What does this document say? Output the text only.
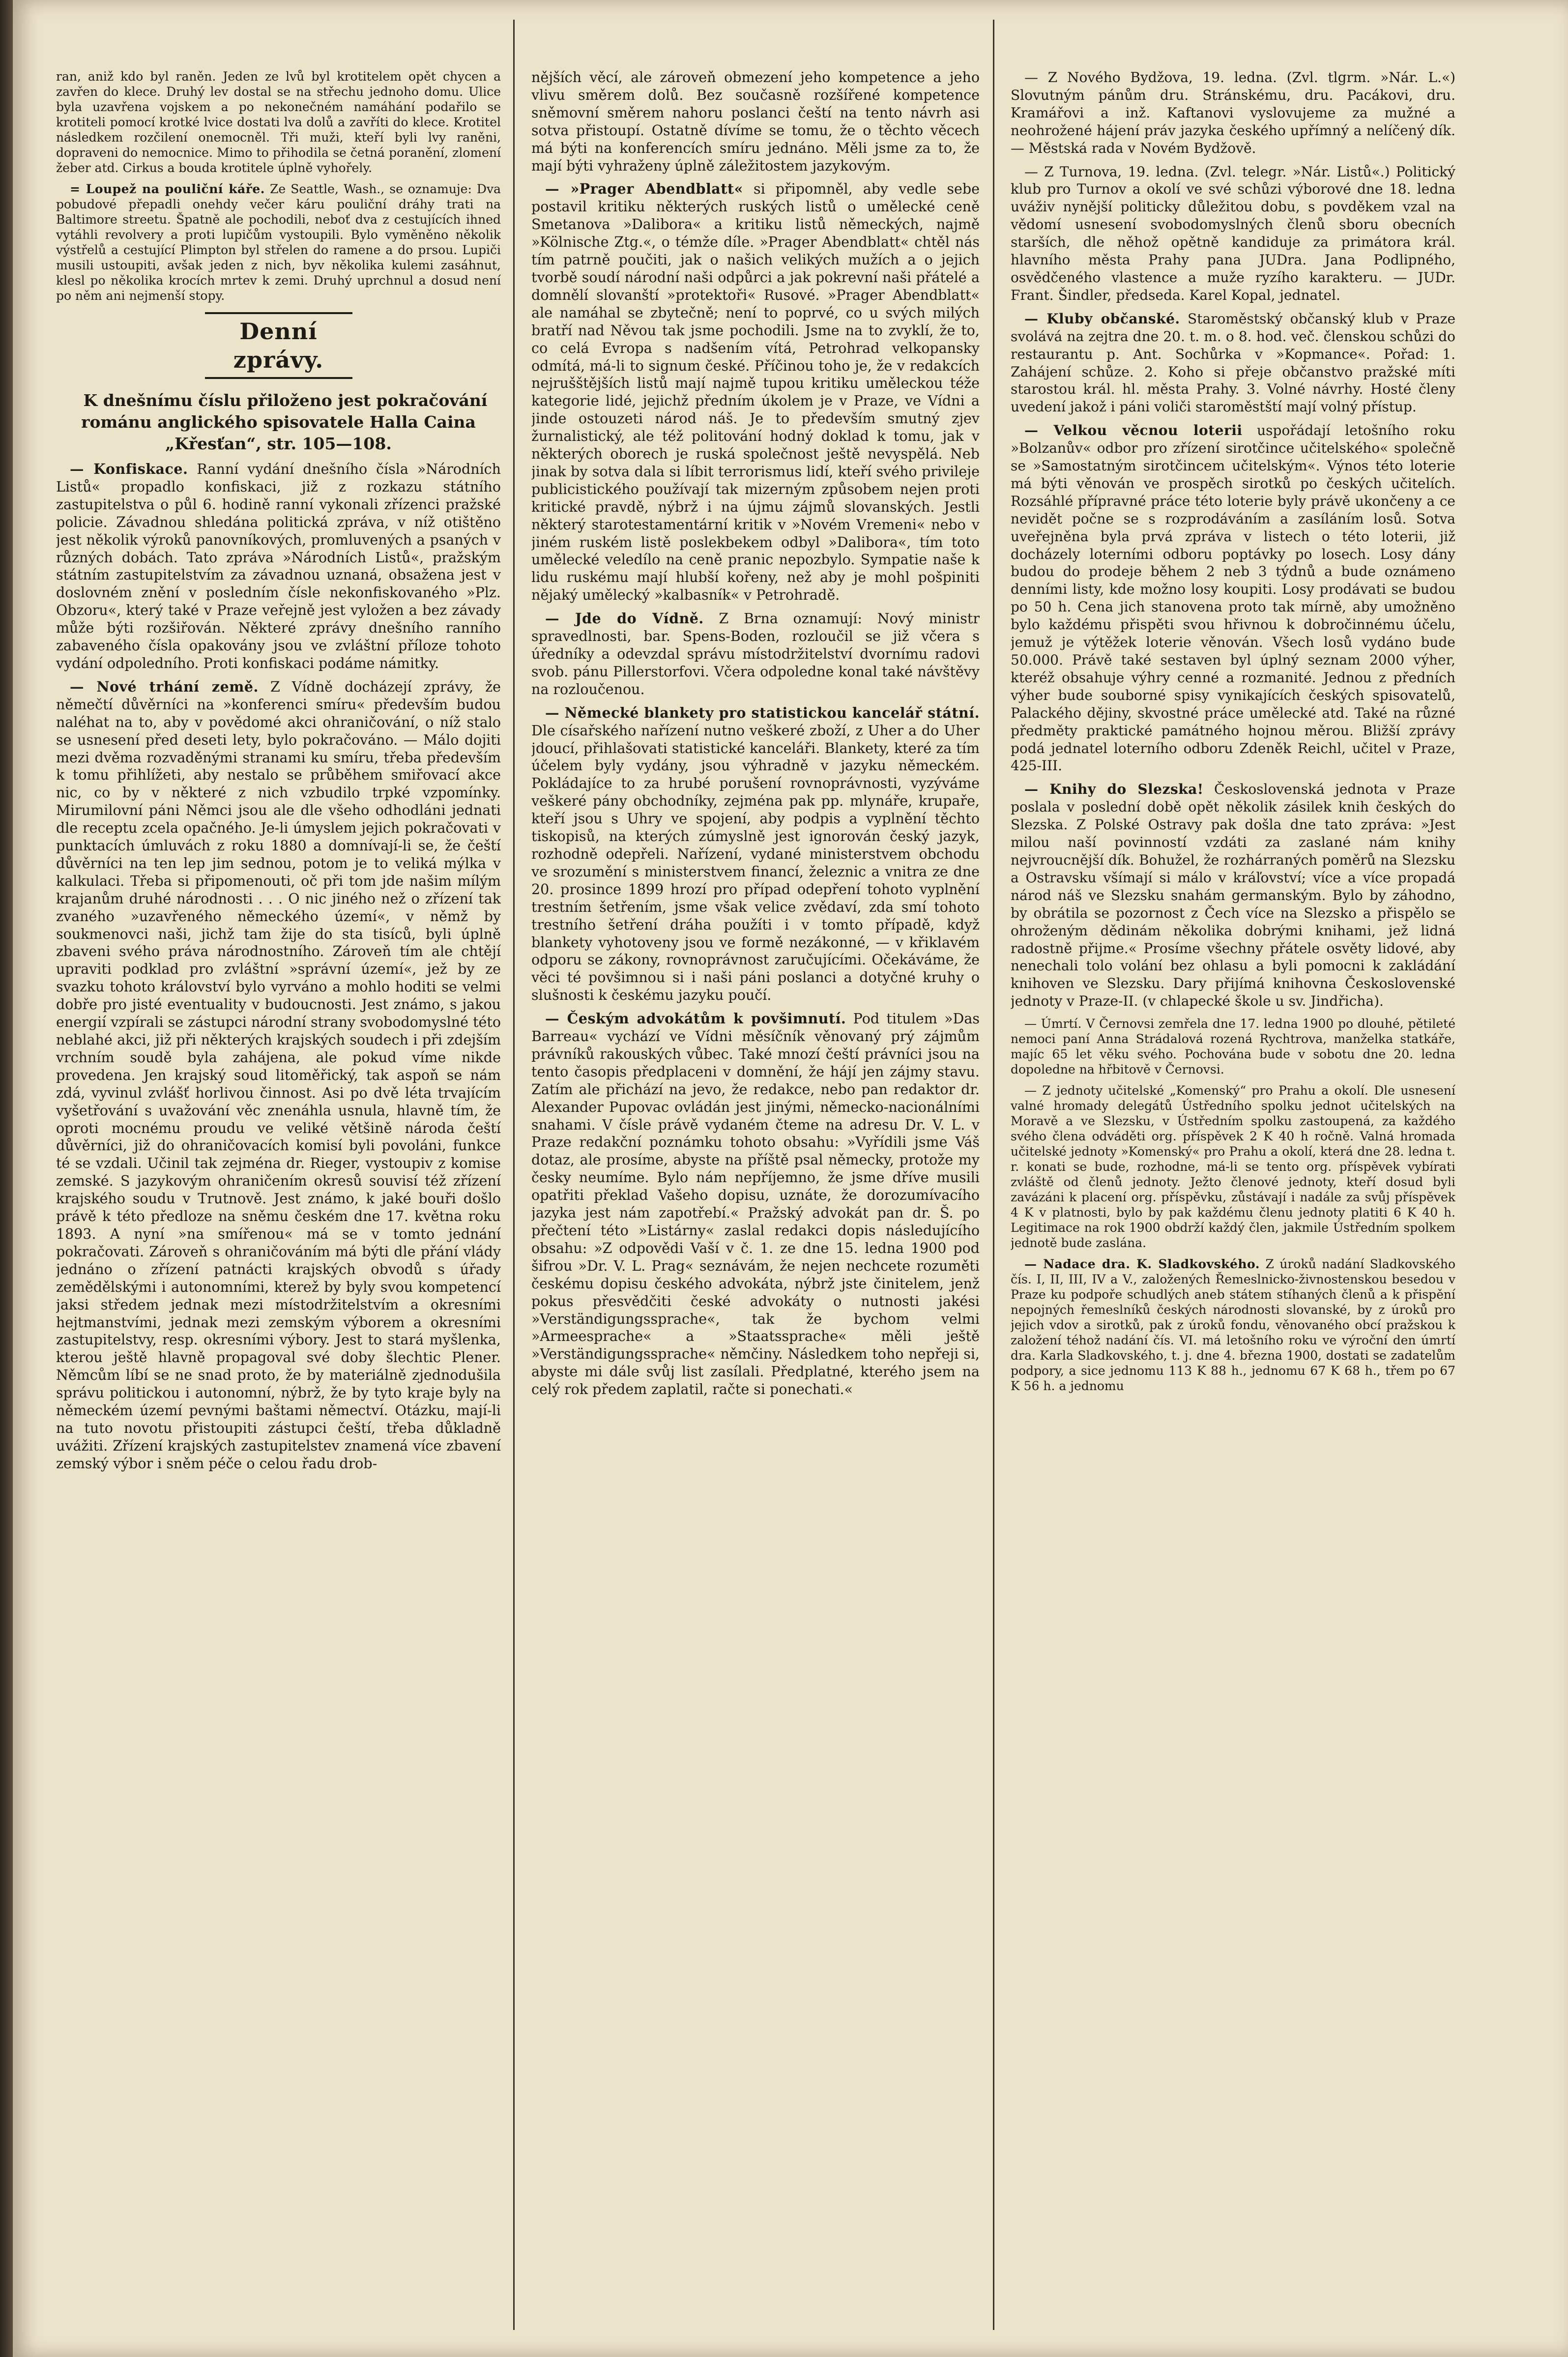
ran, aniž kdo byl raněn. Jeden ze lvů byl krotitelem opět chycen a zavřen do klece. Druhý lev dostal se na střechu jednoho domu. Ulice byla uzavřena vojskem a po nekonečném namáhání podařilo se krotiteli pomocí krotké lvice dostati lva dolů a zavříti do klece. Krotitel následkem rozčilení onemocněl. Tři muži, kteří byli lvy raněni, dopraveni do nemocnice. Mimo to přihodila se četná poranění, zlomení žeber atd. Cirkus a bouda krotitele úplně vyhořely.

= Loupež na pouliční káře. Ze Seattle, Wash., se oznamuje: Dva pobudové přepadli onehdy večer káru pouliční dráhy trati na Baltimore streetu. Špatně ale pochodili, neboť dva z cestujících ihned vytáhli revolvery a proti lupičům vystoupili. Bylo vyměněno několik výstřelů a cestující Plimpton byl střelen do ramene a do prsou. Lupiči musili ustoupiti, avšak jeden z nich, byv několika kulemi zasáhnut, klesl po několika krocích mrtev k zemi. Druhý uprchnul a dosud není po něm ani nejmenší stopy.

Denní zprávy.

K dnešnímu číslu přiloženo jest pokračování románu anglického spisovatele Halla Caina „Křesťan“, str. 105—108.

— Konfiskace. Ranní vydání dnešního čísla »Národních Listů« propadlo konfiskaci, již z rozkazu státního zastupitelstva o půl 6. hodině ranní vykonali zřízenci pražské policie. Závadnou shledána politická zpráva, v níž otištěno jest několik výroků panovníkových, promluvených a psaných v různých dobách. Tato zpráva »Národních Listů«, pražským státním zastupitelstvím za závadnou uznaná, obsažena jest v doslovném znění v posledním čísle nekonfiskovaného »Plz. Obzoru«, který také v Praze veřejně jest vyložen a bez závady může býti rozšiřován. Některé zprávy dnešního ranního zabaveného čísla opakovány jsou ve zvláštní příloze tohoto vydání odpoledního. Proti konfiskaci podáme námitky.

— Nové trhání země. Z Vídně docházejí zprávy, že němečtí důvěrníci na »konferenci smíru« především budou naléhat na to, aby v povědomé akci ohraničování, o níž stalo se usnesení před deseti lety, bylo pokračováno. — Málo dojiti mezi dvěma rozvaděnými stranami ku smíru, třeba především k tomu přihlížeti, aby nestalo se průběhem smiřovací akce nic, co by v některé z nich vzbudilo trpké vzpomínky. Mirumilovní páni Němci jsou ale dle všeho odhodláni jednati dle receptu zcela opačného. Je-li úmyslem jejich pokračovati v punktacích úmluvách z roku 1880 a domnívají-li se, že čeští důvěrníci na ten lep jim sednou, potom je to veliká mýlka v kalkulaci. Třeba si připomenouti, oč při tom jde našim mílým krajanům druhé národnosti . . . O nic jiného než o zřízení tak zvaného »uzavřeného německého území«, v němž by soukmenovci naši, jichž tam žije do sta tisíců, byli úplně zbaveni svého práva národnostního. Zároveň tím ale chtějí upraviti podklad pro zvláštní »správní území«, jež by ze svazku tohoto království bylo vyrváno a mohlo hoditi se velmi dobře pro jisté eventuality v budoucnosti. Jest známo, s jakou energií vzpírali se zástupci národní strany svobodomyslné této neblahé akci, již při některých krajských soudech i při zdejším vrchním soudě byla zahájena, ale pokud víme nikde provedena. Jen krajský soud litoměřický, tak aspoň se nám zdá, vyvinul zvlášť horlivou činnost. Asi po dvě léta trvajícím vyšetřování s uvažování věc znenáhla usnula, hlavně tím, že oproti mocnému proudu ve veliké většině národa čeští důvěrníci, již do ohraničovacích komisí byli povoláni, funkce té se vzdali. Učinil tak zejména dr. Rieger, vystoupiv z komise zemské. S jazykovým ohraničením okresů souvisí též zřízení krajského soudu v Trutnově. Jest známo, k jaké bouři došlo právě k této předloze na sněmu českém dne 17. května roku 1893. A nyní »na smířenou« má se v tomto jednání pokračovati. Zároveň s ohraničováním má býti dle přání vlády jednáno o zřízení patnácti krajských obvodů s úřady zemědělskými i autonomními, kterež by byly svou kompetencí jaksi středem jednak mezi místodržitelstvím a okresními hejtmanstvími, jednak mezi zemským výborem a okresními zastupitelstvy, resp. okresními výbory. Jest to stará myšlenka, kterou ještě hlavně propagoval své doby šlechtic Plener. Němcům líbí se ne snad proto, že by materiálně zjednodušila správu politickou i autonomní, nýbrž, že by tyto kraje byly na německém území pevnými baštami němectví. Otázku, mají-li na tuto novotu přistoupiti zástupci čeští, třeba důkladně uvážiti. Zřízení krajských zastupitelstev znamená více zbavení zemský výbor i sněm péče o celou řadu drob-

nějších věcí, ale zároveň obmezení jeho kompetence a jeho vlivu směrem dolů. Bez současně rozšířené kompetence sněmovní směrem nahoru poslanci čeští na tento návrh asi sotva přistoupí. Ostatně dívíme se tomu, že o těchto věcech má býti na konferencích smíru jednáno. Měli jsme za to, že mají býti vyhraženy úplně záležitostem jazykovým.

— »Prager Abendblatt« si připomněl, aby vedle sebe postavil kritiku některých ruských listů o umělecké ceně Smetanova »Dalibora« a kritiku listů německých, najmě »Kölnische Ztg.«, o témže díle. »Prager Abendblatt« chtěl nás tím patrně poučiti, jak o našich velikých mužích a o jejich tvorbě soudí národní naši odpůrci a jak pokrevní naši přátelé a domnělí slovanští »protektoři« Rusové. »Prager Abendblatt« ale namáhal se zbytečně; není to poprvé, co u svých milých bratří nad Něvou tak jsme pochodili. Jsme na to zvyklí, že to, co celá Evropa s nadšením vítá, Petrohrad velkopansky odmítá, má-li to signum české. Příčinou toho je, že v redakcích nejrušštějších listů mají najmě tupou kritiku uměleckou téže kategorie lidé, jejichž předním úkolem je v Praze, ve Vídni a jinde ostouzeti národ náš. Je to především smutný zjev žurnalistický, ale též politování hodný doklad k tomu, jak v některých oborech je ruská společnost ještě nevyspělá. Neb jinak by sotva dala si líbit terrorismus lidí, kteří svého privileje publicistického používají tak mizerným způsobem nejen proti kritické pravdě, nýbrž i na újmu zájmů slovanských. Jestli některý starotestamentární kritik v »Novém Vremeni« nebo v jiném ruském listě poslekbekem odbyl »Dalibora«, tím toto umělecké veledílo na ceně pranic nepozbylo. Sympatie naše k lidu ruskému mají hlubší kořeny, než aby je mohl pošpiniti nějaký umělecký »kalbasník« v Petrohradě.

— Jde do Vídně. Z Brna oznamují: Nový ministr spravedlnosti, bar. Spens-Boden, rozloučil se již včera s úředníky a odevzdal správu místodržitelství dvornímu radovi svob. pánu Pillerstorfovi. Včera odpoledne konal také návštěvy na rozloučenou.

— Německé blankety pro statistickou kancelář státní. Dle císařského nařízení nutno veškeré zboží, z Uher a do Uher jdoucí, přihlašovati statistické kanceláři. Blankety, které za tím účelem byly vydány, jsou výhradně v jazyku německém. Pokládajíce to za hrubé porušení rovnoprávnosti, vyzýváme veškeré pány obchodníky, zejména pak pp. mlynáře, krupaře, kteří jsou s Uhry ve spojení, aby podpis a vyplnění těchto tiskopisů, na kterých zúmyslně jest ignorován český jazyk, rozhodně odepřeli. Nařízení, vydané ministerstvem obchodu ve srozumění s ministerstvem financí, železnic a vnitra ze dne 20. prosince 1899 hrozí pro případ odepření tohoto vyplnění trestním šetřením, jsme však velice zvědaví, zda smí tohoto trestního šetření dráha použíti i v tomto případě, když blankety vyhotoveny jsou ve formě nezákonné, — v křiklavém odporu se zákony, rovnoprávnost zaručujícími. Očekáváme, že věci té povšimnou si i naši páni poslanci a dotyčné kruhy o slušnosti k českému jazyku poučí.

— Českým advokátům k povšimnutí. Pod titulem »Das Barreau« vychází ve Vídni měsíčník věnovaný prý zájmům právníků rakouských vůbec. Také mnozí čeští právníci jsou na tento časopis předplaceni v domnění, že hájí jen zájmy stavu. Zatím ale přichází na jevo, že redakce, nebo pan redaktor dr. Alexander Pupovac ovládán jest jinými, německo-nacionálními snahami. V čísle právě vydaném čteme na adresu Dr. V. L. v Praze redakční poznámku tohoto obsahu: »Vyřídili jsme Váš dotaz, ale prosíme, abyste na příště psal německy, protože my česky neumíme. Bylo nám nepříjemno, že jsme dříve musili opatřiti překlad Vašeho dopisu, uznáte, že dorozumívacího jazyka jest nám zapotřebí.« Pražský advokát pan dr. Š. po přečtení této »Listárny« zaslal redakci dopis následujícího obsahu: »Z odpovědi Vaší v č. 1. ze dne 15. ledna 1900 pod šifrou »Dr. V. L. Prag« seznávám, že nejen nechcete rozuměti českému dopisu českého advokáta, nýbrž jste činitelem, jenž pokus přesvědčiti české advokáty o nutnosti jakési »Verständigungssprache«, tak že bychom velmi »Armeesprache« a »Staatssprache« měli ještě »Verständigungssprache« němčiny. Následkem toho nepřeji si, abyste mi dále svůj list zasílali. Předplatné, kterého jsem na celý rok předem zaplatil, račte si ponechati.«

— Z Nového Bydžova, 19. ledna. (Zvl. tlgrm. »Nár. L.«) Slovutným pánům dru. Stránskému, dru. Pacákovi, dru. Kramářovi a inž. Kaftanovi vyslovujeme za mužné a neohrožené hájení práv jazyka českého upřímný a nelíčený dík. — Městská rada v Novém Bydžově.

— Z Turnova, 19. ledna. (Zvl. telegr. »Nár. Listů«.) Politický klub pro Turnov a okolí ve své schůzi výborové dne 18. ledna uváživ nynější politicky důležitou dobu, s povděkem vzal na vědomí usnesení svobodomyslných členů sboru obecních starších, dle něhož opětně kandiduje za primátora král. hlavního města Prahy pana JUDra. Jana Podlipného, osvědčeného vlastence a muže ryzího karakteru. — JUDr. Frant. Šindler, předseda. Karel Kopal, jednatel.

— Kluby občanské. Staroměstský občanský klub v Praze svolává na zejtra dne 20. t. m. o 8. hod. več. členskou schůzi do restaurantu p. Ant. Sochůrka v »Kopmance«. Pořad: 1. Zahájení schůze. 2. Koho si přeje občanstvo pražské míti starostou král. hl. města Prahy. 3. Volné návrhy. Hosté členy uvedení jakož i páni voliči staroměstští mají volný přístup.

— Velkou věcnou loterii uspořádají letošního roku »Bolzanův« odbor pro zřízení sirotčince učitelského« společně se »Samostatným sirotčincem učitelským«. Výnos této loterie má býti věnován ve prospěch sirotků po českých učitelích. Rozsáhlé přípravné práce této loterie byly právě ukončeny a ce nevidět počne se s rozprodáváním a zasíláním losů. Sotva uveřejněna byla prvá zpráva v listech o této loterii, již docházely loterními odboru poptávky po losech. Losy dány budou do prodeje během 2 neb 3 týdnů a bude oznámeno denními listy, kde možno losy koupiti. Losy prodávati se budou po 50 h. Cena jich stanovena proto tak mírně, aby umožněno bylo každému přispěti svou hřivnou k dobročinnému účelu, jemuž je výtěžek loterie věnován. Všech losů vydáno bude 50.000. Právě také sestaven byl úplný seznam 2000 výher, kteréž obsahuje výhry cenné a rozmanité. Jednou z předních výher bude souborné spisy vynikajících českých spisovatelů, Palackého dějiny, skvostné práce umělecké atd. Také na různé předměty praktické památného hojnou měrou. Bližší zprávy podá jednatel loterního odboru Zdeněk Reichl, učitel v Praze, 425-III.

— Knihy do Slezska! Československá jednota v Praze poslala v poslední době opět několik zásilek knih českých do Slezska. Z Polské Ostravy pak došla dne tato zpráva: »Jest milou naší povinností vzdáti za zaslané nám knihy nejvroucnější dík. Bohužel, že rozhárraných poměrů na Slezsku a Ostravsku všímají si málo v kráľovství; více a více propadá národ náš ve Slezsku snahám germanským. Bylo by záhodno, by obrátila se pozornost z Čech více na Slezsko a přispělo se ohroženým dědinám několika dobrými knihami, jež lidná radostně přijme.« Prosíme všechny přátele osvěty lidové, aby nenechali tolo volání bez ohlasu a byli pomocni k zakládání knihoven ve Slezsku. Dary přijímá knihovna Československé jednoty v Praze-II. (v chlapecké škole u sv. Jindřicha).

— Úmrtí. V Černovsi zemřela dne 17. ledna 1900 po dlouhé, pětileté nemoci paní Anna Strádalová rozená Rychtrova, manželka statkáře, majíc 65 let věku svého. Pochována bude v sobotu dne 20. ledna dopoledne na hřbitově v Černovsi.

— Z jednoty učitelské „Komenský“ pro Prahu a okolí. Dle usnesení valné hromady delegátů Ústředního spolku jednot učitelských na Moravě a ve Slezsku, v Ústředním spolku zastoupená, za každého svého člena odváděti org. příspěvek 2 K 40 h ročně. Valná hromada učitelské jednoty »Komenský« pro Prahu a okolí, která dne 28. ledna t. r. konati se bude, rozhodne, má-li se tento org. příspěvek vybírati zvláště od členů jednoty. Ježto členové jednoty, kteří dosud byli zavázáni k placení org. příspěvku, zůstávají i nadále za svůj příspěvek 4 K v platnosti, bylo by pak každému členu jednoty platiti 6 K 40 h. Legitimace na rok 1900 obdrží každý člen, jakmile Ústředním spolkem jednotě bude zaslána.

— Nadace dra. K. Sladkovského. Z úroků nadání Sladkovského čís. I, II, III, IV a V., založených Řemeslnicko-živnostenskou besedou v Praze ku podpoře schudlých aneb státem stíhaných členů a k přispění nepojných řemeslníků českých národnosti slovanské, by z úroků pro jejich vdov a sirotků, pak z úroků fondu, věnovaného obcí pražskou k založení téhož nadání čís. VI. má letošního roku ve výroční den úmrtí dra. Karla Sladkovského, t. j. dne 4. března 1900, dostati se zadatelům podpory, a sice jednomu 113 K 88 h., jednomu 67 K 68 h., třem po 67 K 56 h. a jednomu
